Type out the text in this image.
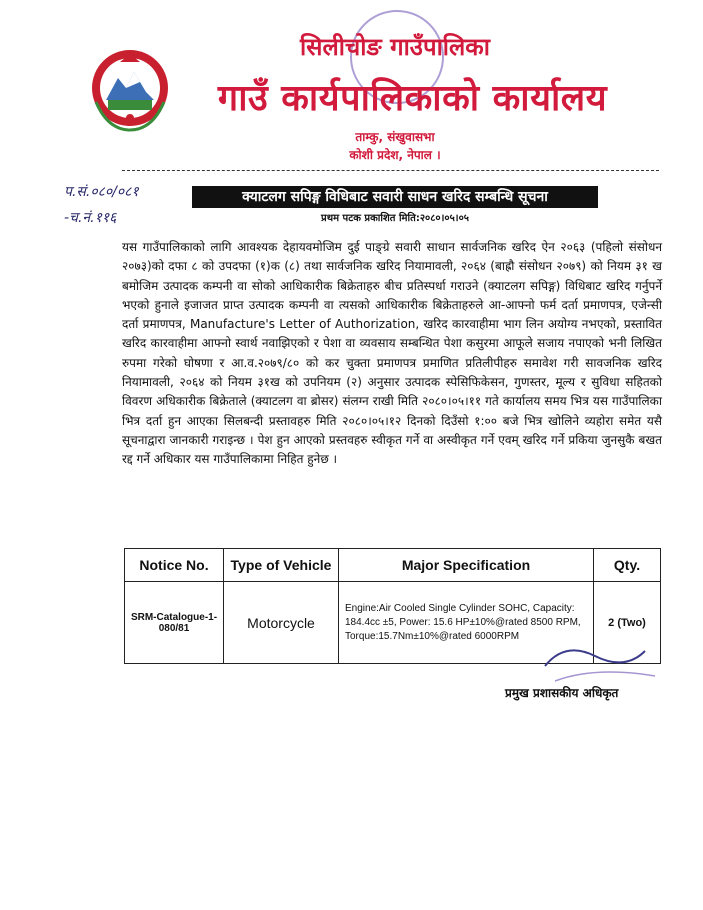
सिलीचोङ गाउँपालिका
गाउँ कार्यपालिकाको कार्यालय
ताम्कु, संखुवासभा
कोशी प्रदेश, नेपाल ।
प.सं.०८०/०८१
-च.नं.११६
क्याटलग सपिङ्ग विधिबाट सवारी साधन खरिद सम्बन्धि सूचना
प्रथम पटक प्रकाशित मिति:२०८०।०५।०५
यस गाउँपालिकाको लागि आवश्यक देहायवमोजिम दुई पाङ्ग्रे सवारी साधान सार्वजनिक खरिद ऐन २०६३ (पहिलो संसोधन २०७३)को दफा ८ को उपदफा (१)क (८) तथा सार्वजनिक खरिद नियामावली, २०६४ (बाह्रौ संसोधन २०७९) को नियम ३१ ख बमोजिम उत्पादक कम्पनी वा सोको आधिकारीक बिक्रेताहरु बीच प्रतिस्पर्धा गराउने (क्याटलग सपिङ्ग) विधिबाट खरिद गर्नुपर्ने भएको हुनाले इजाजत प्राप्त उत्पादक कम्पनी वा त्यसको आधिकारीक बिक्रेताहरुले आ-आफ्नो फर्म दर्ता प्रमाणपत्र, एजेन्सी दर्ता प्रमाणपत्र, Manufacture's Letter of Authorization, खरिद कारवाहीमा भाग लिन अयोग्य नभएको, प्रस्तावित खरिद कारवाहीमा आफ्नो स्वार्थ नवाझिएको र पेशा वा व्यवसाय सम्बन्धित पेशा कसुरमा आफूले सजाय नपाएको भनी लिखित रुपमा गरेको घोषणा र आ.व.२०७९/८० को कर चुक्ता प्रमाणपत्र प्रमाणित प्रतिलीपीहरु समावेश गरी सावजनिक खरिद नियामावली, २०६४ को नियम ३१ख को उपनियम (२) अनुसार उत्पादक स्पेसिफिकेसन, गुणस्तर, मूल्य र सुविधा सहितको विवरण अधिकारीक बिक्रेताले (क्याटलग वा ब्रोसर) संलग्न राखी मिति २०८०।०५।११ गते कार्यालय समय भित्र यस गाउँपालिका भित्र दर्ता हुन आएका सिलबन्दी प्रस्तावहरु मिति २०८०।०५।१२ दिनको दिउँसो १:०० बजे भित्र खोलिने व्यहोरा समेत यसै सूचनाद्वारा जानकारी गराइन्छ । पेश हुन आएको प्रस्तवहरु स्वीकृत गर्ने वा अस्वीकृत गर्ने एवम् खरिद गर्ने प्रकिया जुनसुकै बखत रद्द गर्ने अधिकार यस गाउँपालिकामा निहित हुनेछ ।
Notice No.	Type of Vehicle	Major Specification	Qty.
SRM-Catalogue-1-080/81	Motorcycle	Engine:Air Cooled Single Cylinder SOHC, Capacity: 184.4cc ±5, Power: 15.6 HP±10%@rated 8500 RPM, Torque:15.7Nm±10%@rated 6000RPM	2 (Two)
प्रमुख प्रशासकीय अधिकृत
